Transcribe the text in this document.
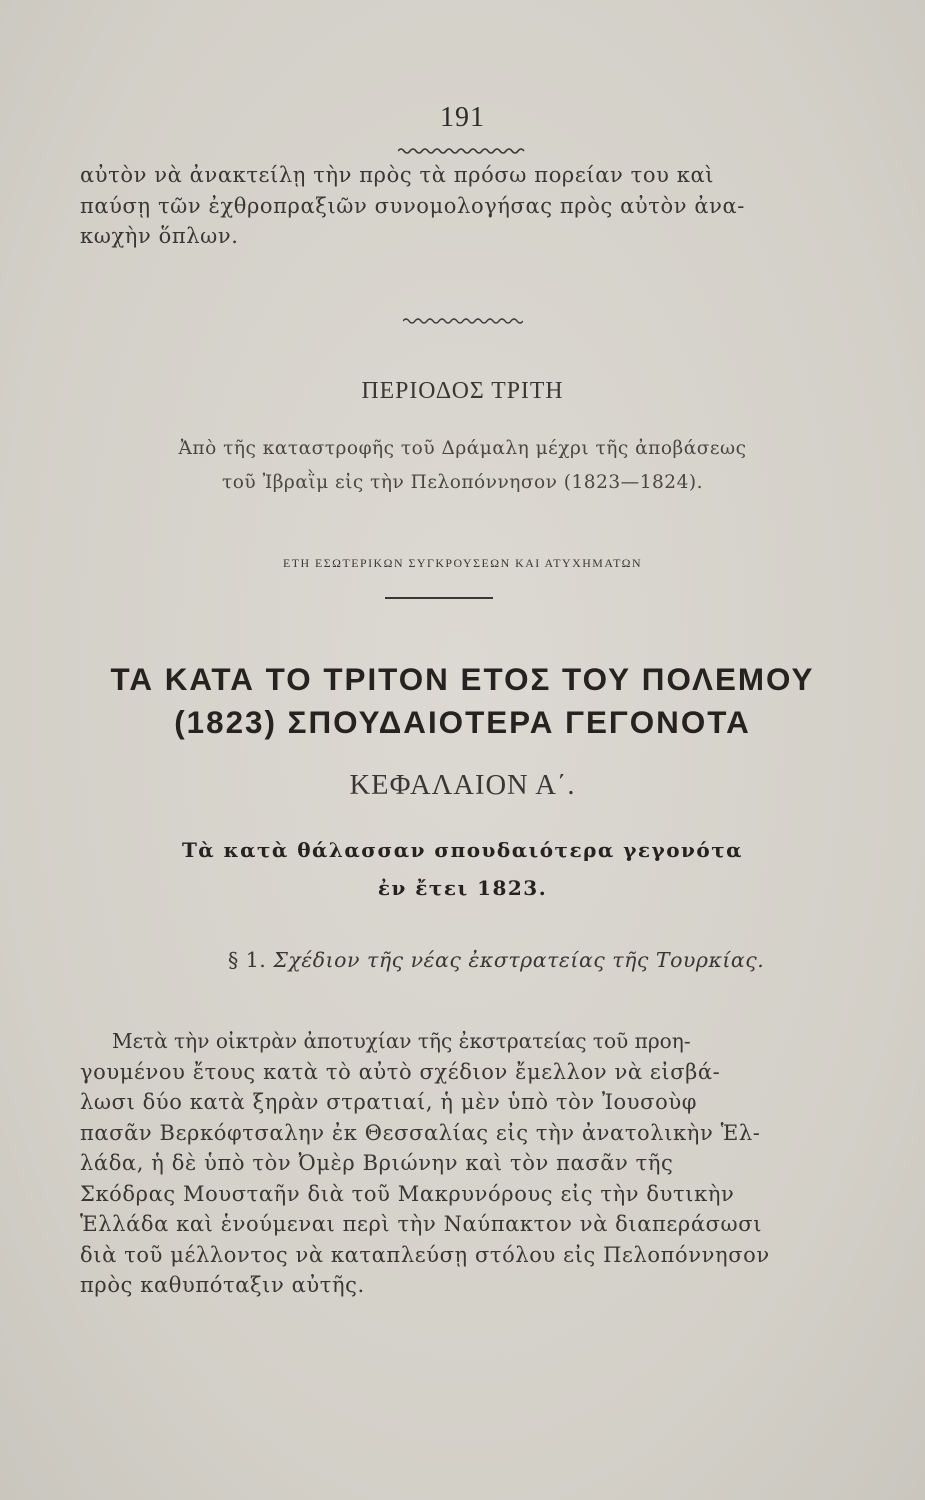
191
αὐτὸν νὰ ἀνακτείλῃ τὴν πρὸς τὰ πρόσω πορείαν του καὶ
παύσῃ τῶν ἐχθροπραξιῶν συνομολογήσας πρὸς αὐτὸν ἀνα-
κωχὴν ὅπλων.
ΠΕΡΙΟΔΟΣ ΤΡΙΤΗ
Ἀπὸ τῆς καταστροφῆς τοῦ Δράμαλη μέχρι τῆς ἀποβάσεως
τοῦ Ἰβραῒμ εἰς τὴν Πελοπόννησον (1823—1824).
ΕΤΗ ΕΣΩΤΕΡΙΚΩΝ ΣΥΓΚΡΟΥΣΕΩΝ ΚΑΙ ΑΤΥΧΗΜΑΤΩΝ
ΤΑ ΚΑΤΑ ΤΟ ΤΡΙΤΟΝ ΕΤΟΣ ΤΟΥ ΠΟΛΕΜΟΥ
(1823) ΣΠΟΥΔΑΙΟΤΕΡΑ ΓΕΓΟΝΟΤΑ
ΚΕΦΑΛΑΙΟΝ Α΄.
Τὰ κατὰ θάλασσαν σπουδαιότερα γεγονότα
ἐν ἔτει 1823.
§ 1. Σχέδιον τῆς νέας ἐκστρατείας τῆς Τουρκίας.
Μετὰ τὴν οἰκτρὰν ἀποτυχίαν τῆς ἐκστρατείας τοῦ προη-
γουμένου ἔτους κατὰ τὸ αὐτὸ σχέδιον ἔμελλον νὰ εἰσβά-
λωσι δύο κατὰ ξηρὰν στρατιαί, ἡ μὲν ὑπὸ τὸν Ἰουσοὺφ
πασᾶν Βερκόφτσαλην ἐκ Θεσσαλίας εἰς τὴν ἀνατολικὴν Ἑλ-
λάδα, ἡ δὲ ὑπὸ τὸν Ὀμὲρ Βριώνην καὶ τὸν πασᾶν τῆς
Σκόδρας Μουσταῆν διὰ τοῦ Μακρυνόρους εἰς τὴν δυτικὴν
Ἑλλάδα καὶ ἑνούμεναι περὶ τὴν Ναύπακτον νὰ διαπεράσωσι
διὰ τοῦ μέλλοντος νὰ καταπλεύσῃ στόλου εἰς Πελοπόννησον
πρὸς καθυπόταξιν αὐτῆς.
